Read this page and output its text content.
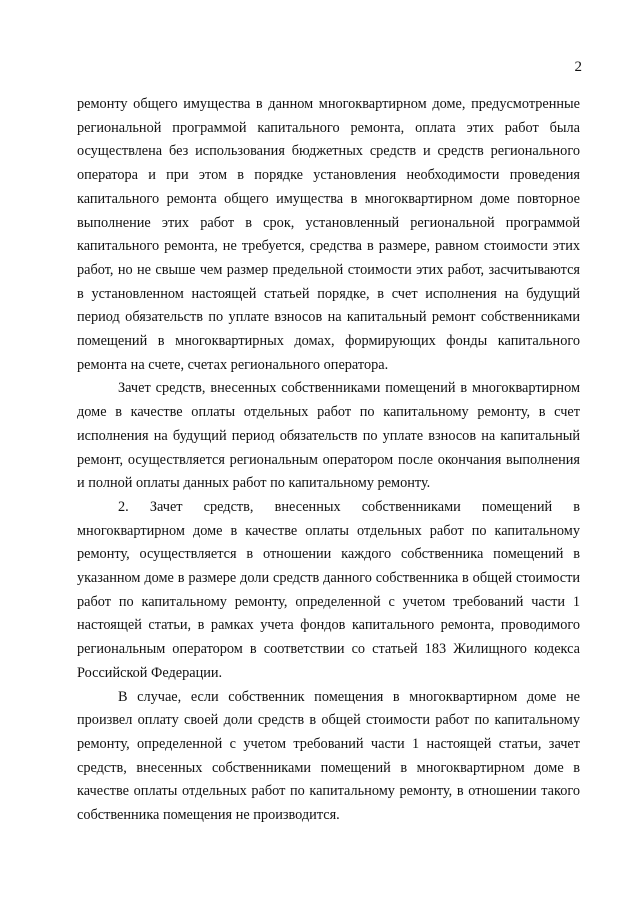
2

ремонту общего имущества в данном многоквартирном доме, предусмотренные региональной программой капитального ремонта, оплата этих работ была осуществлена без использования бюджетных средств и средств регионального оператора и при этом в порядке установления необходимости проведения капитального ремонта общего имущества в многоквартирном доме повторное выполнение этих работ в срок, установленный региональной программой капитального ремонта, не требуется, средства в размере, равном стоимости этих работ, но не свыше чем размер предельной стоимости этих работ, засчитываются в установленном настоящей статьей порядке, в счет исполнения на будущий период обязательств по уплате взносов на капитальный ремонт собственниками помещений в многоквартирных домах, формирующих фонды капитального ремонта на счете, счетах регионального оператора.

Зачет средств, внесенных собственниками помещений в многоквартирном доме в качестве оплаты отдельных работ по капитальному ремонту, в счет исполнения на будущий период обязательств по уплате взносов на капитальный ремонт, осуществляется региональным оператором после окончания выполнения и полной оплаты данных работ по капитальному ремонту.

2. Зачет средств, внесенных собственниками помещений в многоквартирном доме в качестве оплаты отдельных работ по капитальному ремонту, осуществляется в отношении каждого собственника помещений в указанном доме в размере доли средств данного собственника в общей стоимости работ по капитальному ремонту, определенной с учетом требований части 1 настоящей статьи, в рамках учета фондов капитального ремонта, проводимого региональным оператором в соответствии со статьей 183 Жилищного кодекса Российской Федерации.

В случае, если собственник помещения в многоквартирном доме не произвел оплату своей доли средств в общей стоимости работ по капитальному ремонту, определенной с учетом требований части 1 настоящей статьи, зачет средств, внесенных собственниками помещений в многоквартирном доме в качестве оплаты отдельных работ по капитальному ремонту, в отношении такого собственника помещения не производится.
